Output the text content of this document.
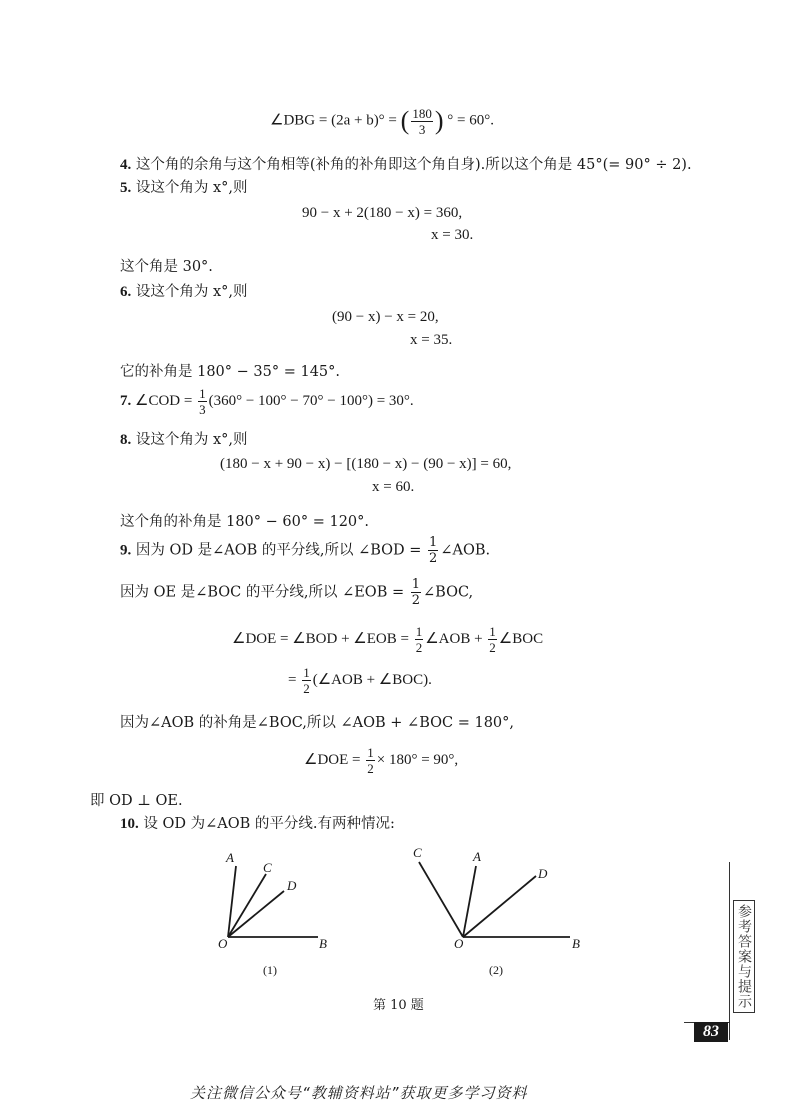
∠DBG = (2a + b)° = ( $\frac{180}{3}$ ) ° = 60°.
4. 这个角的余角与这个角相等(补角的补角即这个角自身).所以这个角是 45°(= 90° ÷ 2).
5. 设这个角为 x°,则
90 − x + 2(180 − x) = 360,
x = 30.
这个角是 30°.
6. 设这个角为 x°,则
(90 − x) − x = 20,
x = 35.
它的补角是 180° − 35° = 145°.
7. ∠COD = $\frac{1}{3} (360^\circ - 100^\circ - 70^\circ - 100^\circ) = 30^\circ$.
8. 设这个角为 x°,则
(180 − x + 90 − x) − [(180 − x) − (90 − x)] = 60,
x = 60.
这个角的补角是 180° − 60° = 120°.
9. 因为 OD 是∠AOB 的平分线,所以 ∠BOD = $\frac{1}{2}$ ∠AOB.
因为 OE 是∠BOC 的平分线,所以 ∠EOB = $\frac{1}{2}$ ∠BOC,
∠DOE = ∠BOD + ∠EOB = $\frac{1}{2}$ ∠AOB + $\frac{1}{2}$ ∠BOC
= $\frac{1}{2}$ (∠AOB + ∠BOC).
因为∠AOB 的补角是∠BOC,所以 ∠AOB + ∠BOC = 180°,
∠DOE = $\frac{1}{2} \times 180^\circ = 90^\circ$,
即 OD ⊥ OE.
10. 设 OD 为∠AOB 的平分线.有两种情况:
A
C
D
O	B
C	A
D
O	B
(1)	(2)
第 10 题	参考答案与提示
83
关注微信公众号“教辅资料站”获取更多学习资料
